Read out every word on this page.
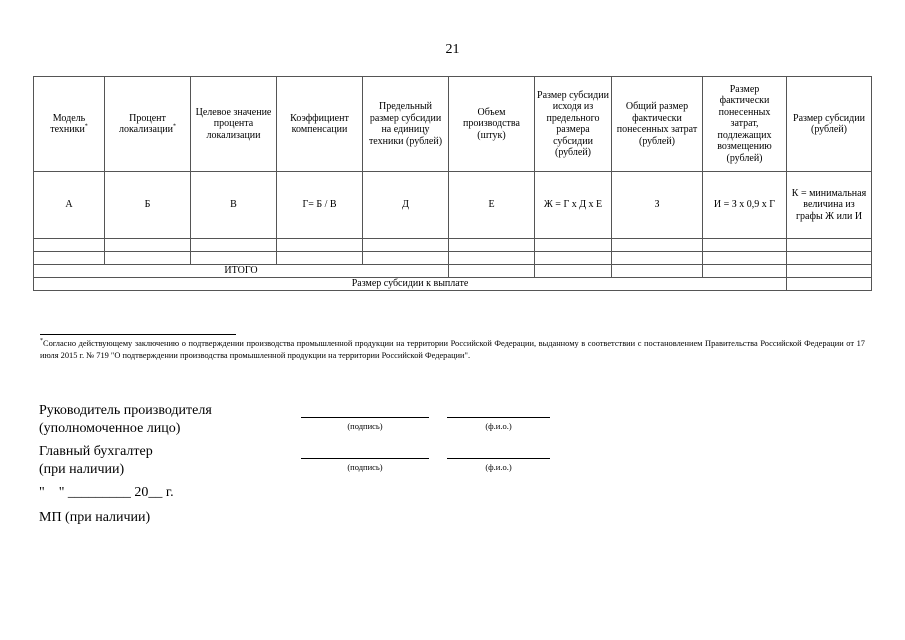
21
Модель техники*	Процент локализации*	Целевое значение процента локализации	Коэффициент компенсации	Предельный размер субсидии на единицу техники (рублей)	Объем производства (штук)	Размер субсидии исходя из предельного размера субсидии (рублей)	Общий размер фактически понесенных затрат (рублей)	Размер фактически понесенных затрат, подлежащих возмещению (рублей)	Размер субсидии (рублей)
А	Б	В	Г= Б / В	Д	Е	Ж = Г x Д x Е	З	И = З x 0,9 x Г	К = минимальная величина из графы Ж или И

ИТОГО									
Размер субсидии к выплате									
*Согласно действующему заключению о подтверждении производства промышленной продукции на территории Российской Федерации, выданному в соответствии с постановлением Правительства Российской Федерации от 17 июля 2015 г. № 719 "О подтверждении производства промышленной продукции на территории Российской Федерации".
Руководитель производителя
(уполномоченное лицо)	(подпись)	(ф.и.о.)
Главный бухгалтер
(при наличии)	(подпись)	(ф.и.о.)
"    " _________ 20__ г.
МП (при наличии)
